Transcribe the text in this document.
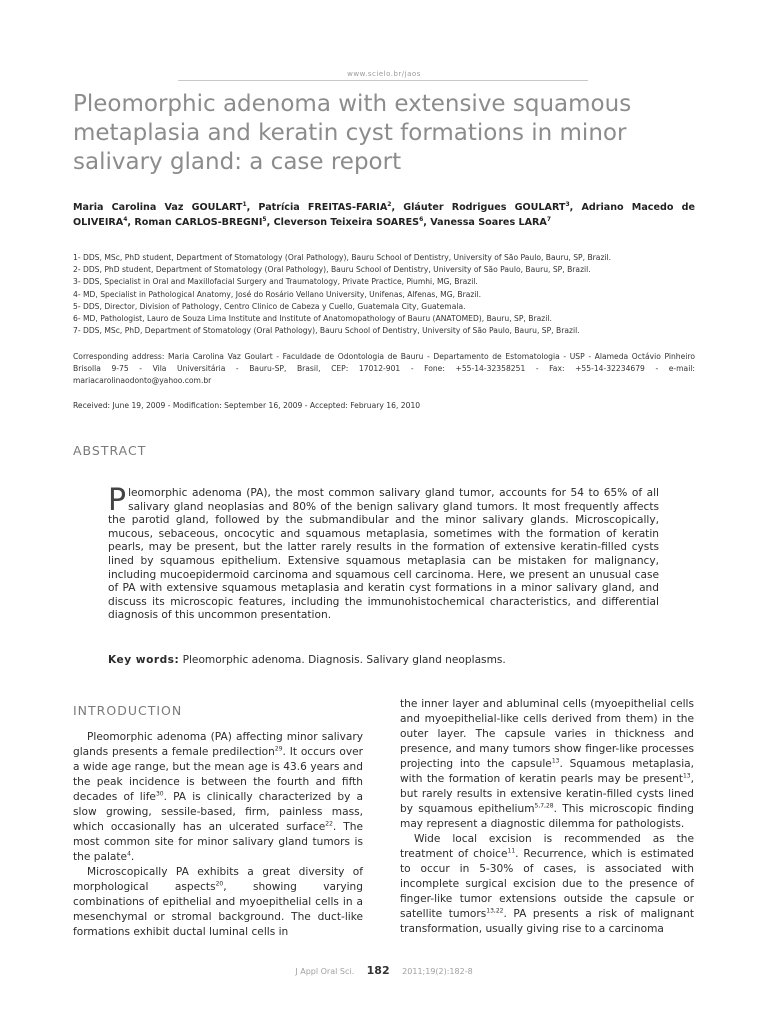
www.scielo.br/jaos
Pleomorphic adenoma with extensive squamous metaplasia and keratin cyst formations in minor salivary gland: a case report
Maria Carolina Vaz GOULART$^1$, Patrícia FREITAS-FARIA$^2$, Gláuter Rodrigues GOULART$^3$, Adriano Macedo de OLIVEIRA$^4$, Roman CARLOS-BREGNI$^5$, Cleverson Teixeira SOARES$^6$, Vanessa Soares LARA$^7$
1- DDS, MSc, PhD student, Department of Stomatology (Oral Pathology), Bauru School of Dentistry, University of São Paulo, Bauru, SP, Brazil.
2- DDS, PhD student, Department of Stomatology (Oral Pathology), Bauru School of Dentistry, University of São Paulo, Bauru, SP, Brazil.
3- DDS, Specialist in Oral and Maxillofacial Surgery and Traumatology, Private Practice, Piumhi, MG, Brazil.
4- MD, Specialist in Pathological Anatomy, José do Rosário Vellano University, Unifenas, Alfenas, MG, Brazil.
5- DDS, Director, Division of Pathology, Centro Clinico de Cabeza y Cuello, Guatemala City, Guatemala.
6- MD, Pathologist, Lauro de Souza Lima Institute and Institute of Anatomopathology of Bauru (ANATOMED), Bauru, SP, Brazil.
7- DDS, MSc, PhD, Department of Stomatology (Oral Pathology), Bauru School of Dentistry, University of São Paulo, Bauru, SP, Brazil.
Corresponding address: Maria Carolina Vaz Goulart - Faculdade de Odontologia de Bauru - Departamento de Estomatologia - USP - Alameda Octávio Pinheiro Brisolla 9-75 - Vila Universitária - Bauru-SP, Brasil, CEP: 17012-901 - Fone: +55-14-32358251 - Fax: +55-14-32234679 - e-mail: mariacarolinaodonto@yahoo.com.br
Received: June 19, 2009 - Modification: September 16, 2009 - Accepted: February 16, 2010
ABSTRACT
Pleomorphic adenoma (PA), the most common salivary gland tumor, accounts for 54 to 65% of all salivary gland neoplasias and 80% of the benign salivary gland tumors. It most frequently affects the parotid gland, followed by the submandibular and the minor salivary glands. Microscopically, mucous, sebaceous, oncocytic and squamous metaplasia, sometimes with the formation of keratin pearls, may be present, but the latter rarely results in the formation of extensive keratin-filled cysts lined by squamous epithelium. Extensive squamous metaplasia can be mistaken for malignancy, including mucoepidermoid carcinoma and squamous cell carcinoma. Here, we present an unusual case of PA with extensive squamous metaplasia and keratin cyst formations in a minor salivary gland, and discuss its microscopic features, including the immunohistochemical characteristics, and differential diagnosis of this uncommon presentation.
Key words: Pleomorphic adenoma. Diagnosis. Salivary gland neoplasms.
INTRODUCTION

Pleomorphic adenoma (PA) affecting minor salivary glands presents a female predilection$^{29}$. It occurs over a wide age range, but the mean age is 43.6 years and the peak incidence is between the fourth and fifth decades of life$^{30}$. PA is clinically characterized by a slow growing, sessile-based, firm, painless mass, which occasionally has an ulcerated surface$^{22}$. The most common site for minor salivary gland tumors is the palate$^4$.

Microscopically PA exhibits a great diversity of morphological aspects$^{20}$, showing varying combinations of epithelial and myoepithelial cells in a mesenchymal or stromal background. The duct-like formations exhibit ductal luminal cells in

the inner layer and abluminal cells (myoepithelial cells and myoepithelial-like cells derived from them) in the outer layer. The capsule varies in thickness and presence, and many tumors show finger-like processes projecting into the capsule$^{13}$. Squamous metaplasia, with the formation of keratin pearls may be present$^{13}$, but rarely results in extensive keratin-filled cysts lined by squamous epithelium$^{5,7,28}$. This microscopic finding may represent a diagnostic dilemma for pathologists.

Wide local excision is recommended as the treatment of choice$^{11}$. Recurrence, which is estimated to occur in 5-30% of cases, is associated with incomplete surgical excision due to the presence of finger-like tumor extensions outside the capsule or satellite tumors$^{13,22}$. PA presents a risk of malignant transformation, usually giving rise to a carcinoma

J Appl Oral Sci. 182 2011;19(2):182-8
